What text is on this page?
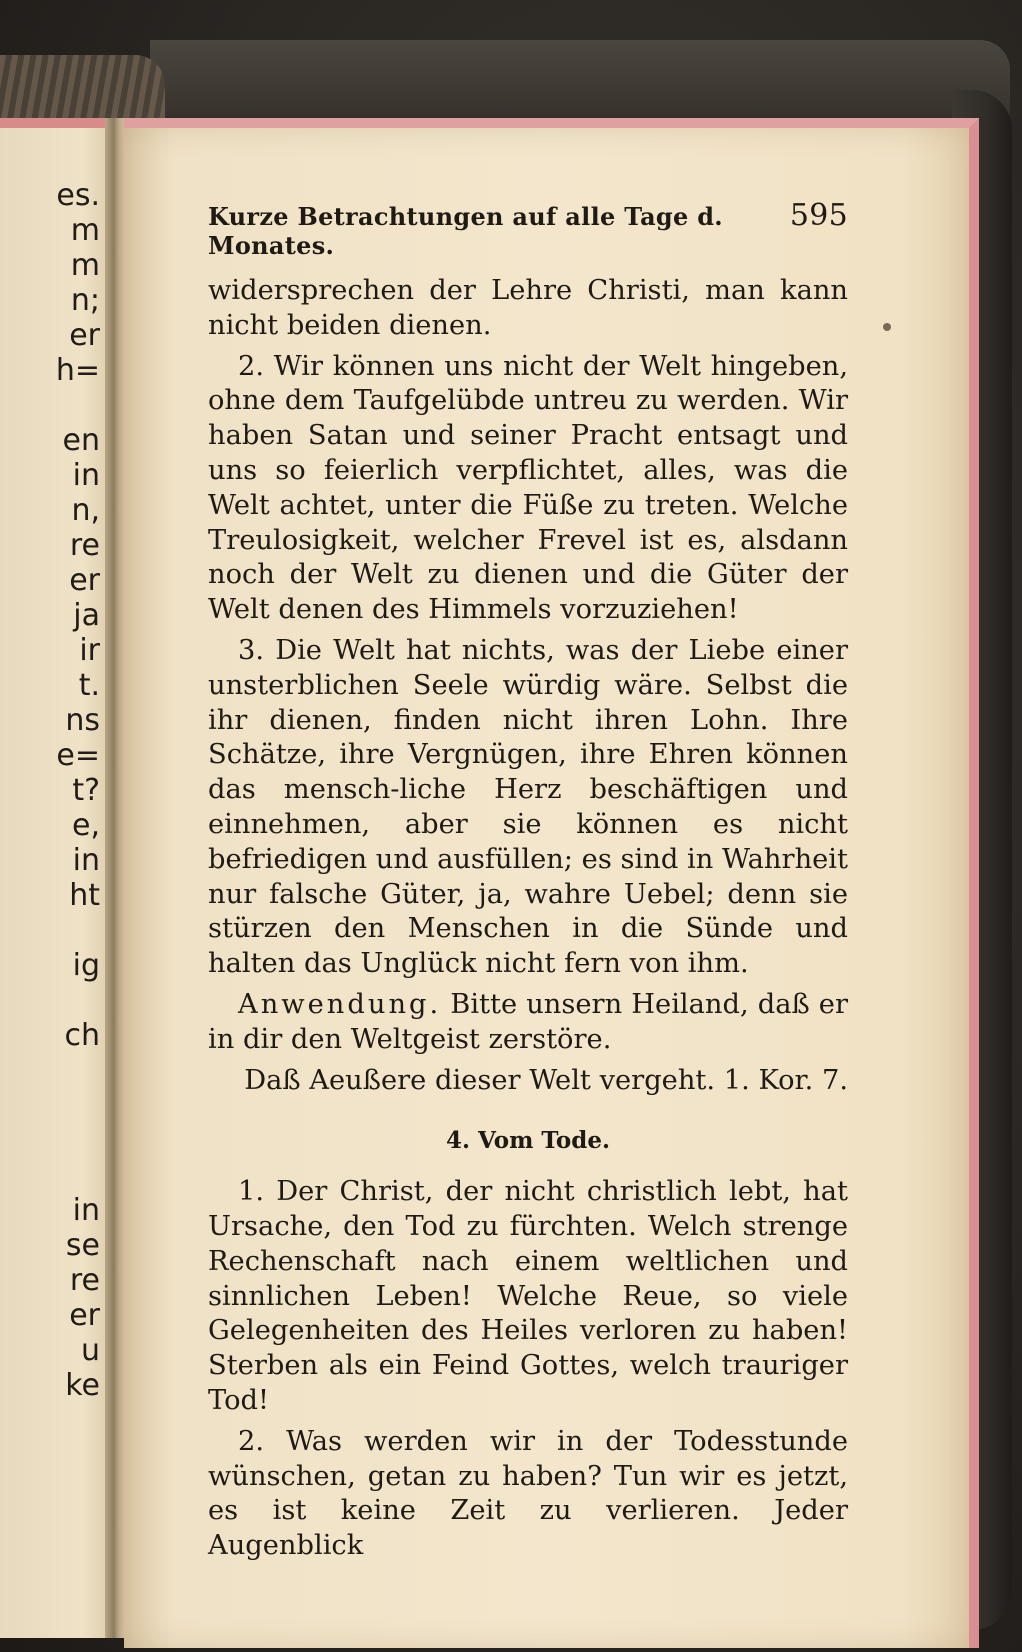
es.
m
m
n;
er
h=
en
in
n,
re
er
ja
ir
t.
ns
e=
t?
e,
in
ht
ig
ch
in
se
re
er
u
ke
Kurze Betrachtungen auf alle Tage d. Monates.
595

widersprechen der Lehre Christi, man kann nicht beiden dienen.

2. Wir können uns nicht der Welt hingeben, ohne dem Taufgelübde untreu zu werden. Wir haben Satan und seiner Pracht entsagt und uns so feierlich verpflichtet, alles, was die Welt achtet, unter die Füße zu treten. Welche Treulosigkeit, welcher Frevel ist es, alsdann noch der Welt zu dienen und die Güter der Welt denen des Himmels vorzuziehen!

3. Die Welt hat nichts, was der Liebe einer unsterblichen Seele würdig wäre. Selbst die ihr dienen, finden nicht ihren Lohn. Ihre Schätze, ihre Vergnügen, ihre Ehren können das mensch-liche Herz beschäftigen und einnehmen, aber sie können es nicht befriedigen und ausfüllen; es sind in Wahrheit nur falsche Güter, ja, wahre Uebel; denn sie stürzen den Menschen in die Sünde und halten das Unglück nicht fern von ihm.

Anwendung. Bitte unsern Heiland, daß er in dir den Weltgeist zerstöre.

Daß Aeußere dieser Welt vergeht. 1. Kor. 7.

4. Vom Tode.

1. Der Christ, der nicht christlich lebt, hat Ursache, den Tod zu fürchten. Welch strenge Rechenschaft nach einem weltlichen und sinnlichen Leben! Welche Reue, so viele Gelegenheiten des Heiles verloren zu haben! Sterben als ein Feind Gottes, welch trauriger Tod!

2. Was werden wir in der Todesstunde wünschen, getan zu haben? Tun wir es jetzt, es ist keine Zeit zu verlieren. Jeder Augenblick
